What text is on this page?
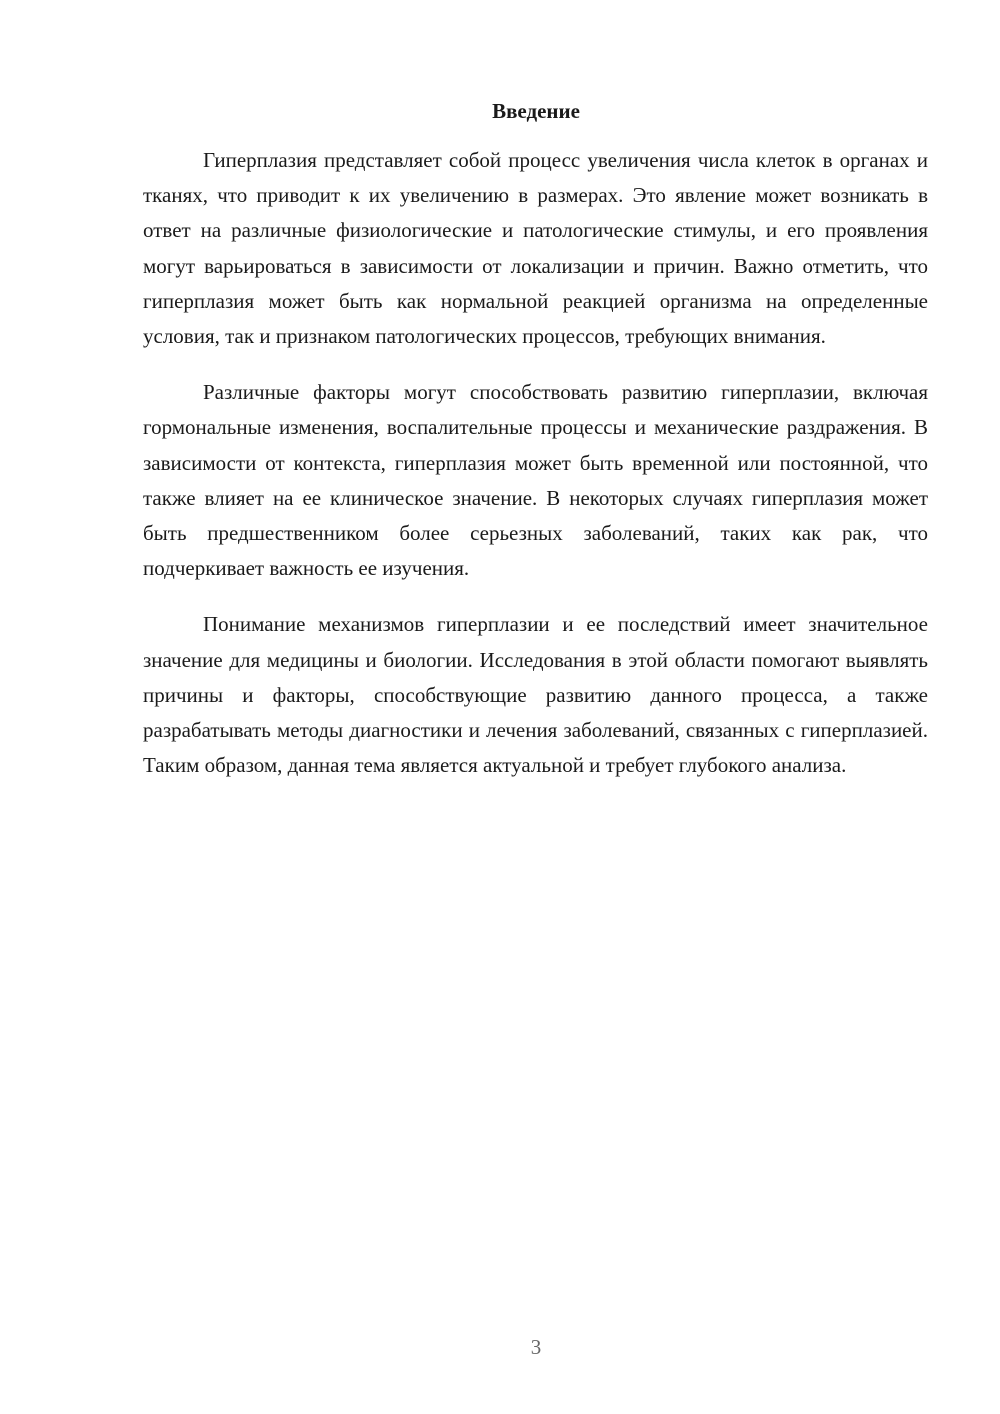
Введение

Гиперплазия представляет собой процесс увеличения числа клеток в органах и тканях, что приводит к их увеличению в размерах. Это явление может возникать в ответ на различные физиологические и патологические стимулы, и его проявления могут варьироваться в зависимости от локализации и причин. Важно отметить, что гиперплазия может быть как нормальной реакцией организма на определенные условия, так и признаком патологических процессов, требующих внимания.

Различные факторы могут способствовать развитию гиперплазии, включая гормональные изменения, воспалительные процессы и механические раздражения. В зависимости от контекста, гиперплазия может быть временной или постоянной, что также влияет на ее клиническое значение. В некоторых случаях гиперплазия может быть предшественником более серьезных заболеваний, таких как рак, что подчеркивает важность ее изучения.

Понимание механизмов гиперплазии и ее последствий имеет значительное значение для медицины и биологии. Исследования в этой области помогают выявлять причины и факторы, способствующие развитию данного процесса, а также разрабатывать методы диагностики и лечения заболеваний, связанных с гиперплазией. Таким образом, данная тема является актуальной и требует глубокого анализа.

3
